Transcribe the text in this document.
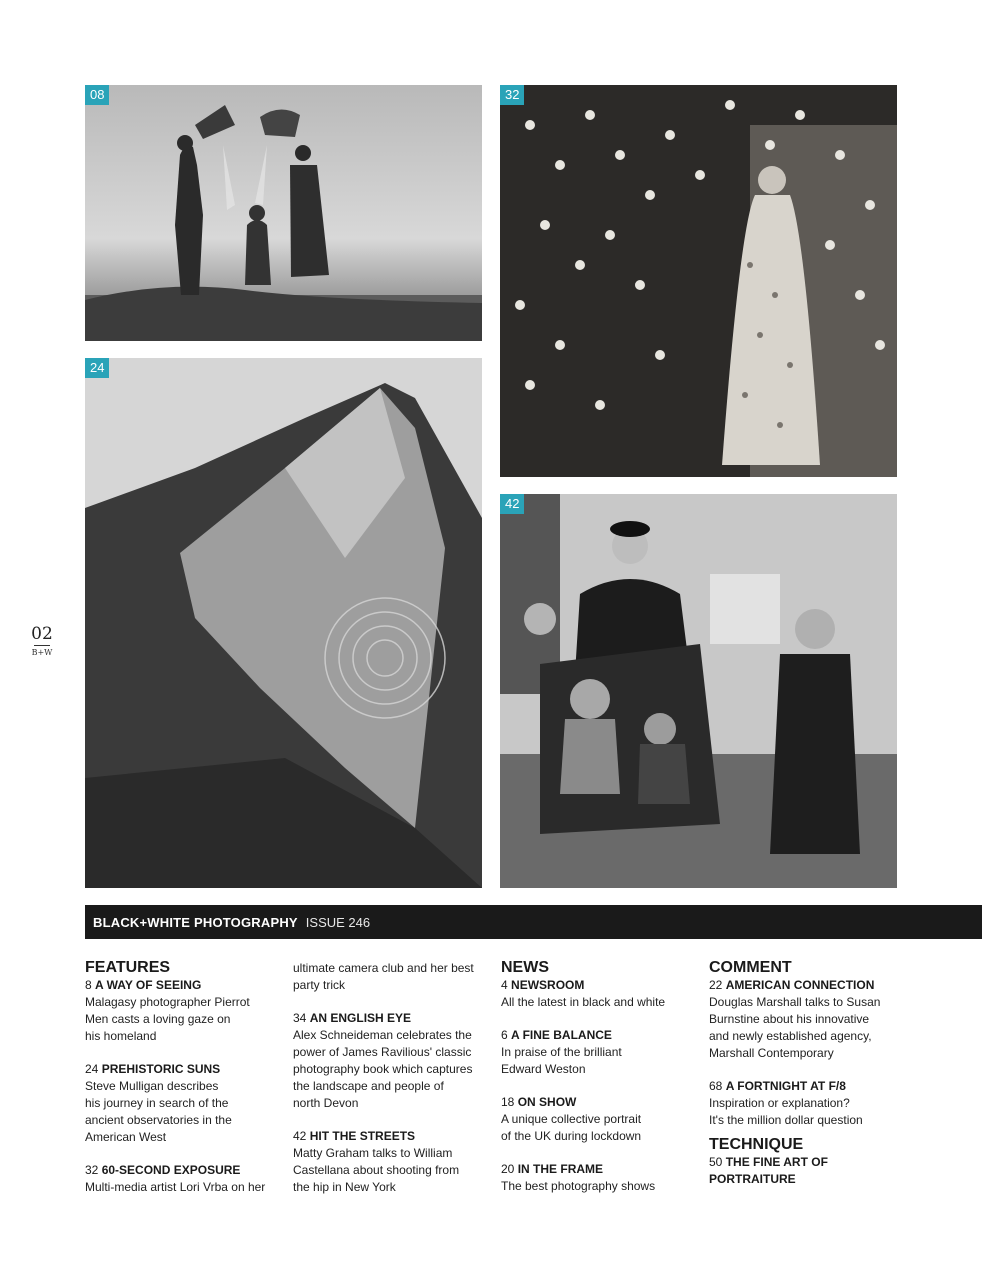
08	32
24
42
02
B+W
BLACK+WHITE PHOTOGRAPHY ISSUE 246

FEATURES

8 A WAY OF SEEING

Malagasy photographer Pierrot

Men casts a loving gaze on

his homeland

24 PREHISTORIC SUNS

Steve Mulligan describes

his journey in search of the

ancient observatories in the

American West

32 60-SECOND EXPOSURE

Multi-media artist Lori Vrba on her

ultimate camera club and her best

party trick

34 AN ENGLISH EYE

Alex Schneideman celebrates the

power of James Ravilious' classic

photography book which captures

the landscape and people of

north Devon

42 HIT THE STREETS

Matty Graham talks to William

Castellana about shooting from

the hip in New York

NEWS

4 NEWSROOM

All the latest in black and white

6 A FINE BALANCE

In praise of the brilliant

Edward Weston

18 ON SHOW

A unique collective portrait

of the UK during lockdown

20 IN THE FRAME

The best photography shows

COMMENT

22 AMERICAN CONNECTION

Douglas Marshall talks to Susan

Burnstine about his innovative

and newly established agency,

Marshall Contemporary

68 A FORTNIGHT AT F/8

Inspiration or explanation?

It's the million dollar question

TECHNIQUE

50 THE FINE ART OF

PORTRAITURE
